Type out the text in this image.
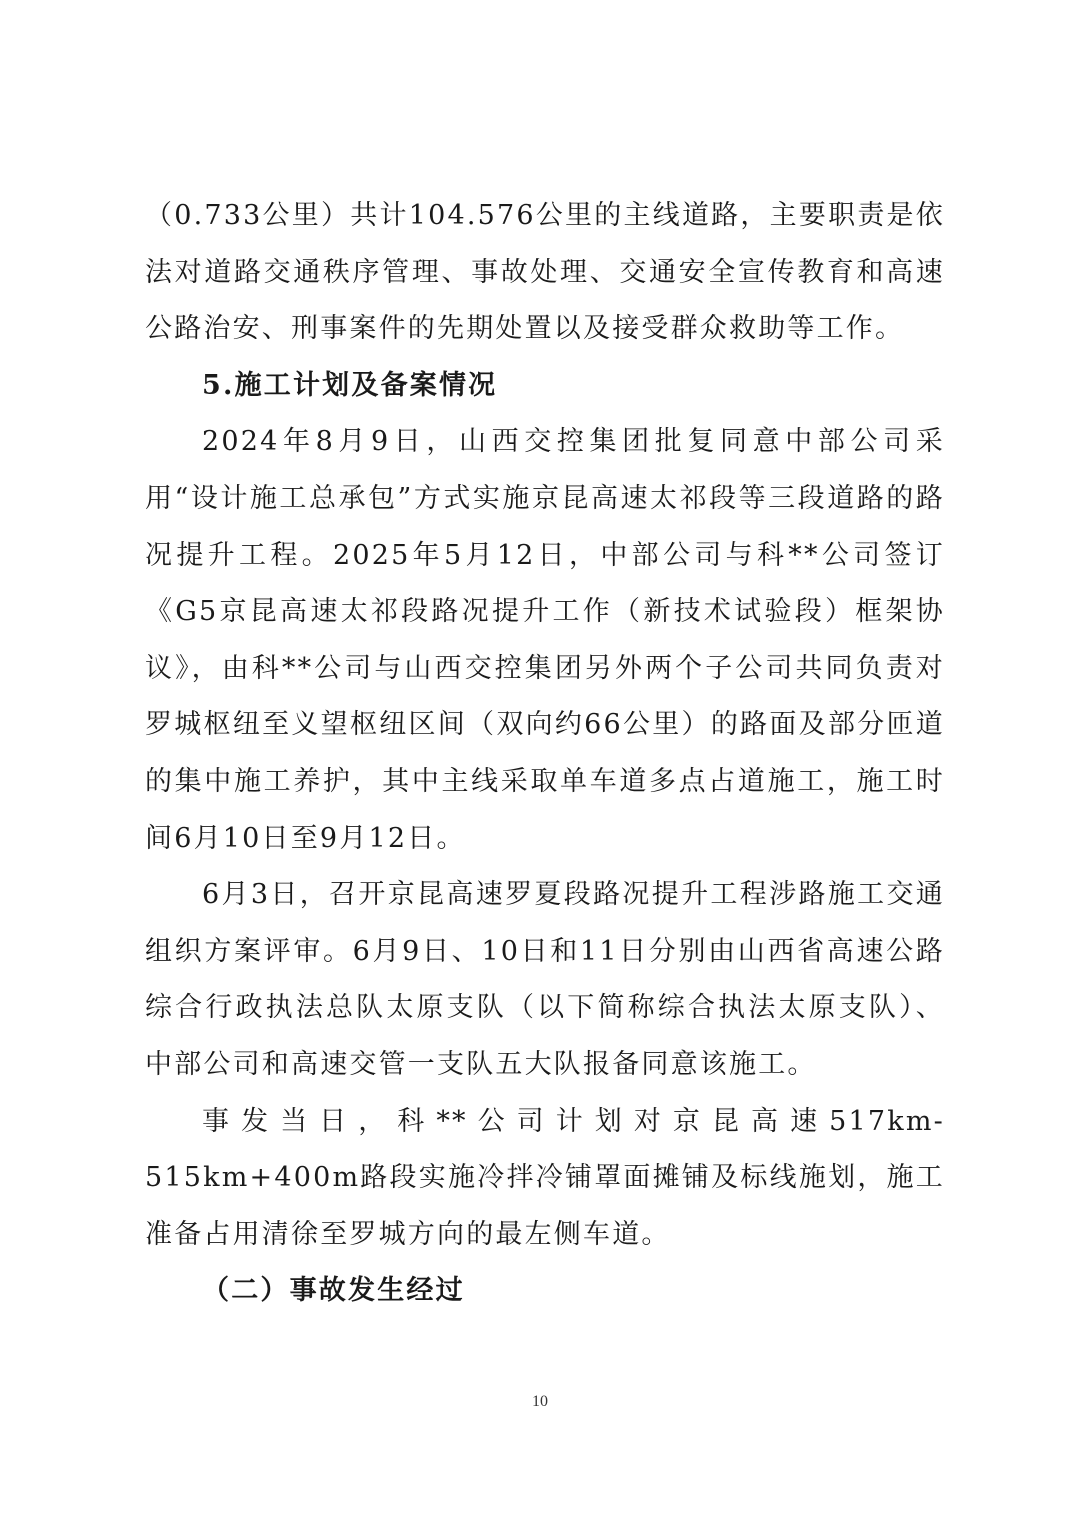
（0.733公里）共计104.576公里的主线道路，主要职责是依法对道路交通秩序管理、事故处理、交通安全宣传教育和高速公路治安、刑事案件的先期处置以及接受群众救助等工作。

5.施工计划及备案情况

2024年8月9日，山西交控集团批复同意中部公司采用“设计施工总承包”方式实施京昆高速太祁段等三段道路的路况提升工程。2025年5月12日，中部公司与科**公司签订《G5京昆高速太祁段路况提升工作（新技术试验段）框架协议》，由科**公司与山西交控集团另外两个子公司共同负责对罗城枢纽至义望枢纽区间（双向约66公里）的路面及部分匝道的集中施工养护，其中主线采取单车道多点占道施工，施工时间6月10日至9月12日。

6月3日，召开京昆高速罗夏段路况提升工程涉路施工交通组织方案评审。6月9日、10日和11日分别由山西省高速公路综合行政执法总队太原支队（以下简称综合执法太原支队）、中部公司和高速交管一支队五大队报备同意该施工。

事发当日，科**公司计划对京昆高速517km-515km+400m路段实施冷拌冷铺罩面摊铺及标线施划，施工准备占用清徐至罗城方向的最左侧车道。

（二）事故发生经过

10
